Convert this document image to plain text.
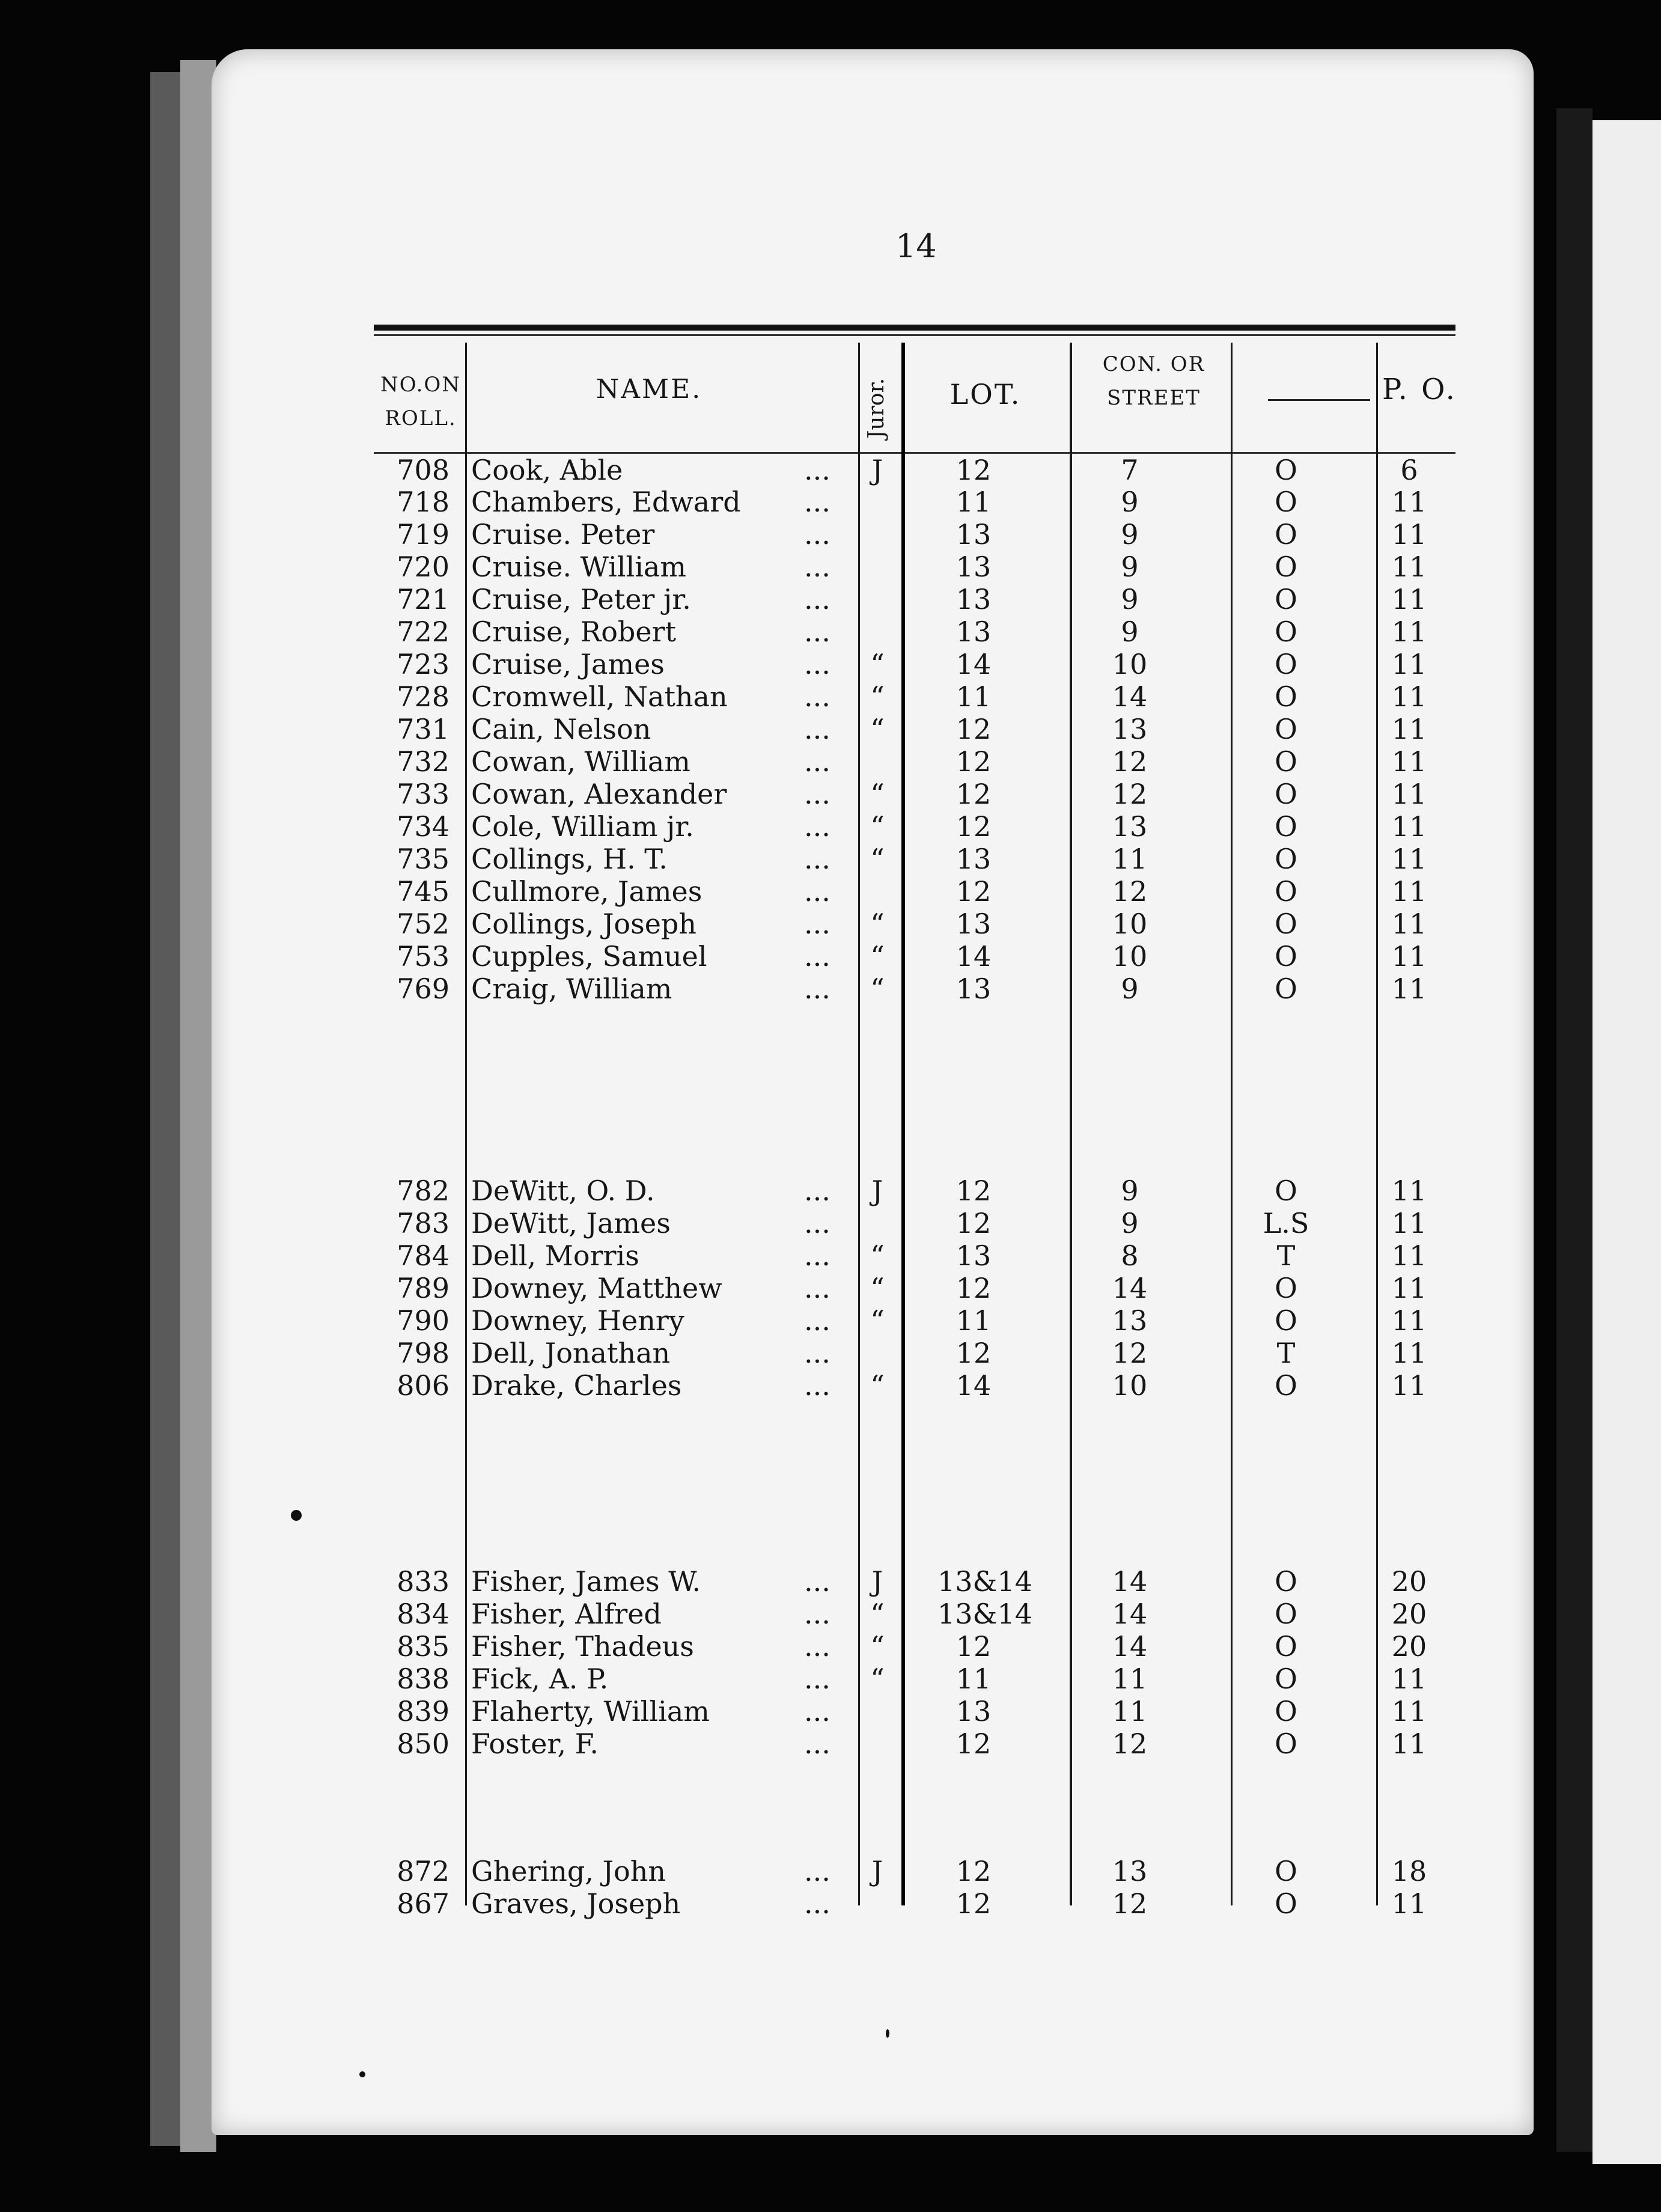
14
NO.ON
ROLL.
NAME.	Juror.	LOT.
CON. OR
STREET	P. O.
708 Cook, Able	... J	12	7	O	6
718 Chambers, Edward ...	11	9	O	11
719 Cruise. Peter	...	13	9	O	11
720 Cruise. William	...	13	9	O	11
721 Cruise, Peter jr.	...	13	9	O	11
722 Cruise, Robert	...	13	9	O	11
723 Cruise, James	... “	14	10	O	11
728 Cromwell, Nathan	... “	11	14	O	11
731 Cain, Nelson	... “	12	13	O	11
732 Cowan, William	...	12	12	O	11
733 Cowan, Alexander	... “	12	12	O	11
734 Cole, William jr.	... “	12	13	O	11
735 Collings, H. T.	... “	13	11	O	11
745 Cullmore, James	...	12	12	O	11
752 Collings, Joseph	... “	13	10	O	11
753 Cupples, Samuel	... “	14	10	O	11
769 Craig, William	... “	13	9	O	11
782 DeWitt, O. D.	... J	12	9	O	11
783 DeWitt, James	...	12	9	L.S	11
784 Dell, Morris	... “	13	8	T	11
789 Downey, Matthew	... “	12	14	O	11
790 Downey, Henry	... “	11	13	O	11
798 Dell, Jonathan	...	12	12	T	11
806 Drake, Charles	... “	14	10	O	11
833 Fisher, James W.	... J 13&14	14	O	20
834 Fisher, Alfred	... “ 13&14	14	O	20
835 Fisher, Thadeus	... “	12	14	O	20
838 Fick, A. P.	... “	11	11	O	11
839 Flaherty, William	...	13	11	O	11
850 Foster, F.	...	12	12	O	11
872 Ghering, John	... J	12	13	O	18
867 Graves, Joseph	...	12	12	O	11
